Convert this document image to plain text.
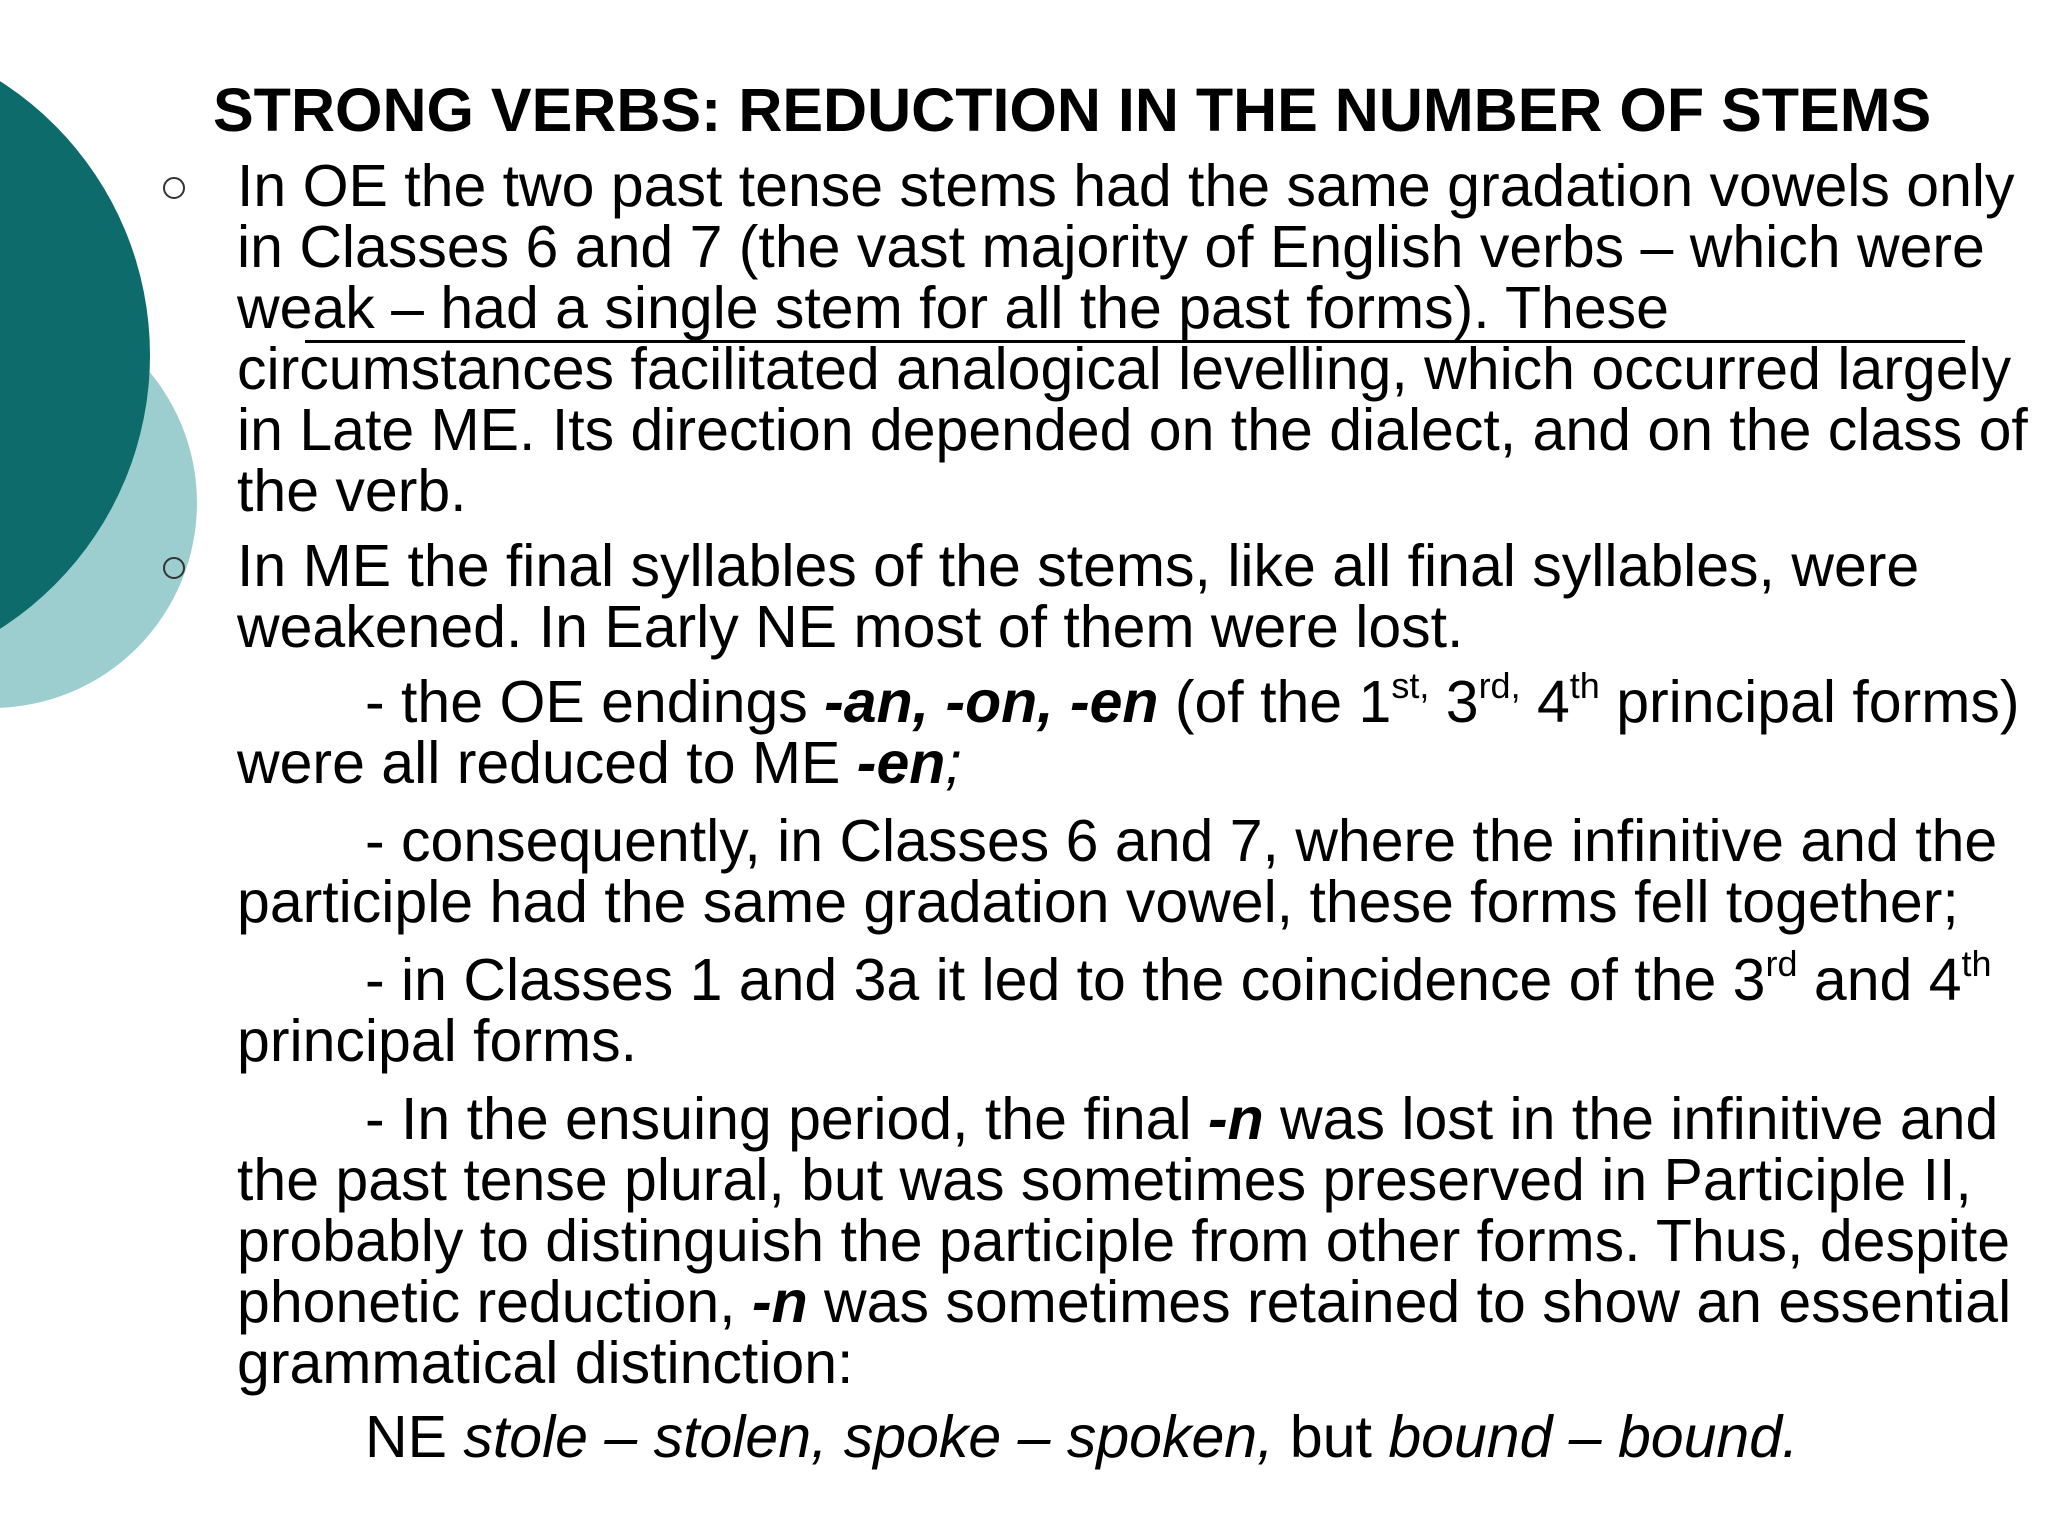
STRONG VERBS: REDUCTION IN THE NUMBER OF STEMS
In OE the two past tense stems had the same gradation vowels only in Classes 6 and 7 (the vast majority of English verbs – which were weak – had a single stem for all the past forms). These circumstances facilitated analogical levelling, which occurred largely in Late ME. Its direction depended on the dialect, and on the class of the verb.
In ME the final syllables of the stems, like all final syllables, were weakened. In Early NE most of them were lost.
- the OE endings -an, -on, -en (of the $1^{st,}$ $3^{rd,}$ 4th principal forms) were all reduced to ME -en;
- consequently, in Classes 6 and 7, where the infinitive and the participle had the same gradation vowel, these forms fell together;
- in Classes 1 and 3a it led to the coincidence of the 3rd and 4th principal forms.
- In the ensuing period, the final -n was lost in the infinitive and the past tense plural, but was sometimes preserved in Participle II, probably to distinguish the participle from other forms. Thus, despite phonetic reduction, -n was sometimes retained to show an essential grammatical distinction:
NE stole – stolen, spoke – spoken, but bound – bound.
